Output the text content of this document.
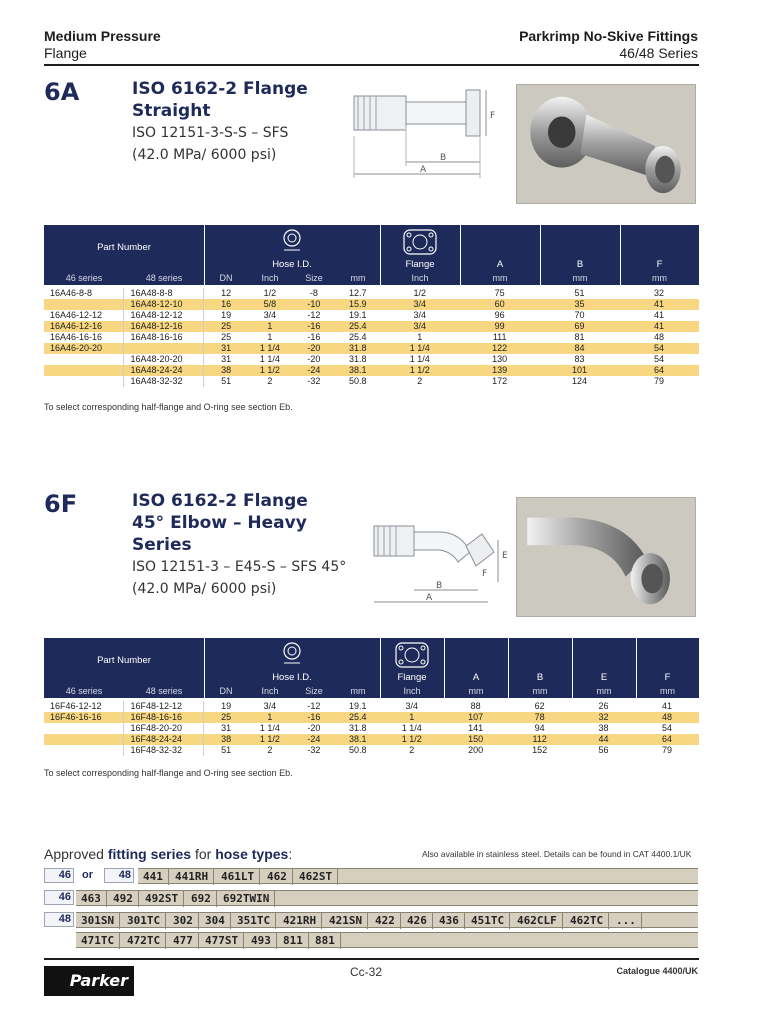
Medium Pressure
Flange
Parkrimp No-Skive Fittings
46/48 Series
6A	ISO 6162-2 Flange
Straight
ISO 12151-3-S-S – SFS
(42.0 MPa/ 6000 psi)
A
B
F
Part Number
Hose I.D.	Flange	A	B	F
46 series	48 series	DN	Inch	Size	mm	Inch	mm	mm	mm
16A46-8-8	16A48-8-8	12	1/2	-8	12.7	1/2	75	51	32
	16A48-12-10	16	5/8	-10	15.9	3/4	60	35	41
16A46-12-12	16A48-12-12	19	3/4	-12	19.1	3/4	96	70	41
16A46-12-16	16A48-12-16	25	1	-16	25.4	3/4	99	69	41
16A46-16-16	16A48-16-16	25	1	-16	25.4	1	111	81	48
16A46-20-20		31	1 1/4	-20	31.8	1 1/4	122	84	54
	16A48-20-20	31	1 1/4	-20	31.8	1 1/4	130	83	54
	16A48-24-24	38	1 1/2	-24	38.1	1 1/2	139	101	64
	16A48-32-32	51	2	-32	50.8	2	172	124	79
To select corresponding half-flange and O-ring see section Eb.
6F	ISO 6162-2 Flange
45° Elbow – Heavy Series
ISO 12151-3 – E45-S – SFS 45°
(42.0 MPa/ 6000 psi)
A
B
E
F
Part Number
Hose I.D.	Flange	A	B	E	F
46 series	48 series	DN	Inch	Size	mm	Inch	mm	mm	mm	mm
16F46-12-12	16F48-12-12	19	3/4	-12	19.1	3/4	88	62	26	41
16F46-16-16	16F48-16-16	25	1	-16	25.4	1	107	78	32	48
	16F48-20-20	31	1 1/4	-20	31.8	1 1/4	141	94	38	54
	16F48-24-24	38	1 1/2	-24	38.1	1 1/2	150	112	44	64
	16F48-32-32	51	2	-32	50.8	2	200	152	56	79
To select corresponding half-flange and O-ring see section Eb.
Approved fitting series for hose types:	Also available in stainless steel. Details can be found in CAT 4400.1/UK
46 or	48	441	441RH	461LT	462	462ST
46 463	492	492ST	692	692TWIN
48 301SN	301TC	302	304	351TC	421RH	421SN	422	426	436	451TC	462CLF	462TC	...
471TC	472TC	477	477ST	493	811	881
Parker	Cc-32	Catalogue 4400/UK
